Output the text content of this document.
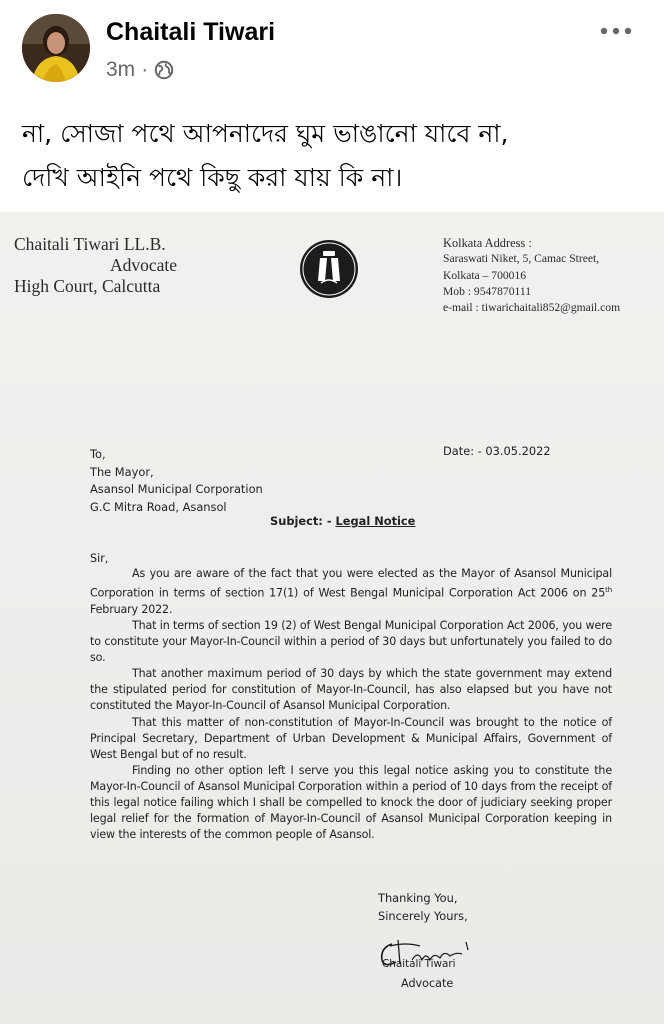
Chaitali Tiwari
3m ·
না, সোজা পথে আপনাদের ঘুম ভাঙানো যাবে না,
দেখি আইনি পথে কিছু করা যায় কি না।
Chaitali Tiwari LL.B.
Advocate
High Court, Calcutta
Kolkata Address :
Saraswati Niket, 5, Camac Street,
Kolkata – 700016
Mob : 9547870111
e-mail : tiwarichaitali852@gmail.com
To,
The Mayor,
Asansol Municipal Corporation
G.C Mitra Road, Asansol
Date: - 03.05.2022
Subject: - Legal Notice
Sir,

As you are aware of the fact that you were elected as the Mayor of Asansol Municipal Corporation in terms of section 17(1) of West Bengal Municipal Corporation Act 2006 on 25th February 2022.

That in terms of section 19 (2) of West Bengal Municipal Corporation Act 2006, you were to constitute your Mayor-In-Council within a period of 30 days but unfortunately you failed to do so.

That another maximum period of 30 days by which the state government may extend the stipulated period for constitution of Mayor-In-Council, has also elapsed but you have not constituted the Mayor-In-Council of Asansol Municipal Corporation.

That this matter of non-constitution of Mayor-In-Council was brought to the notice of Principal Secretary, Department of Urban Development & Municipal Affairs, Government of West Bengal but of no result.

Finding no other option left I serve you this legal notice asking you to constitute the Mayor-In-Council of Asansol Municipal Corporation within a period of 10 days from the receipt of this legal notice failing which I shall be compelled to knock the door of judiciary seeking proper legal relief for the formation of Mayor-In-Council of Asansol Municipal Corporation keeping in view the interests of the common people of Asansol.

Thanking You,
Sincerely Yours,
Chaitali Tiwari
Advocate
